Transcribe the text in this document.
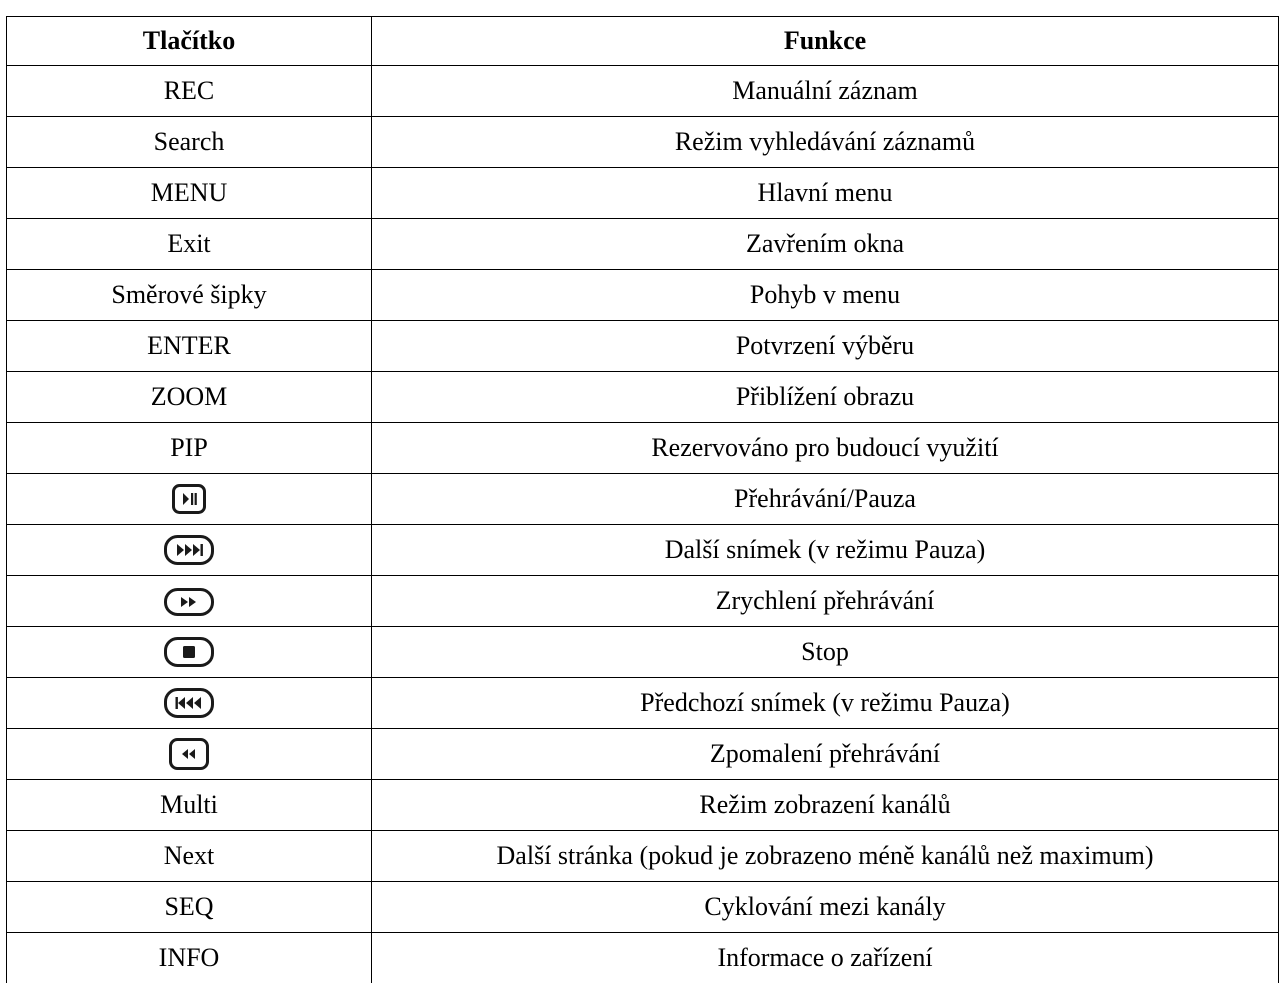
Tlačítko	Funkce
REC	Manuální záznam
Search	Režim vyhledávání záznamů
MENU	Hlavní menu
Exit	Zavřením okna
Směrové šipky	Pohyb v menu
ENTER	Potvrzení výběru
ZOOM	Přiblížení obrazu
PIP	Rezervováno pro budoucí využití

	Přehrávání/Pauza

	Další snímek (v režimu Pauza)

	Zrychlení přehrávání

	Stop

	Předchozí snímek (v režimu Pauza)

	Zpomalení přehrávání
Multi	Režim zobrazení kanálů
Next	Další stránka (pokud je zobrazeno méně kanálů než maximum)
SEQ	Cyklování mezi kanály
INFO	Informace o zařízení
